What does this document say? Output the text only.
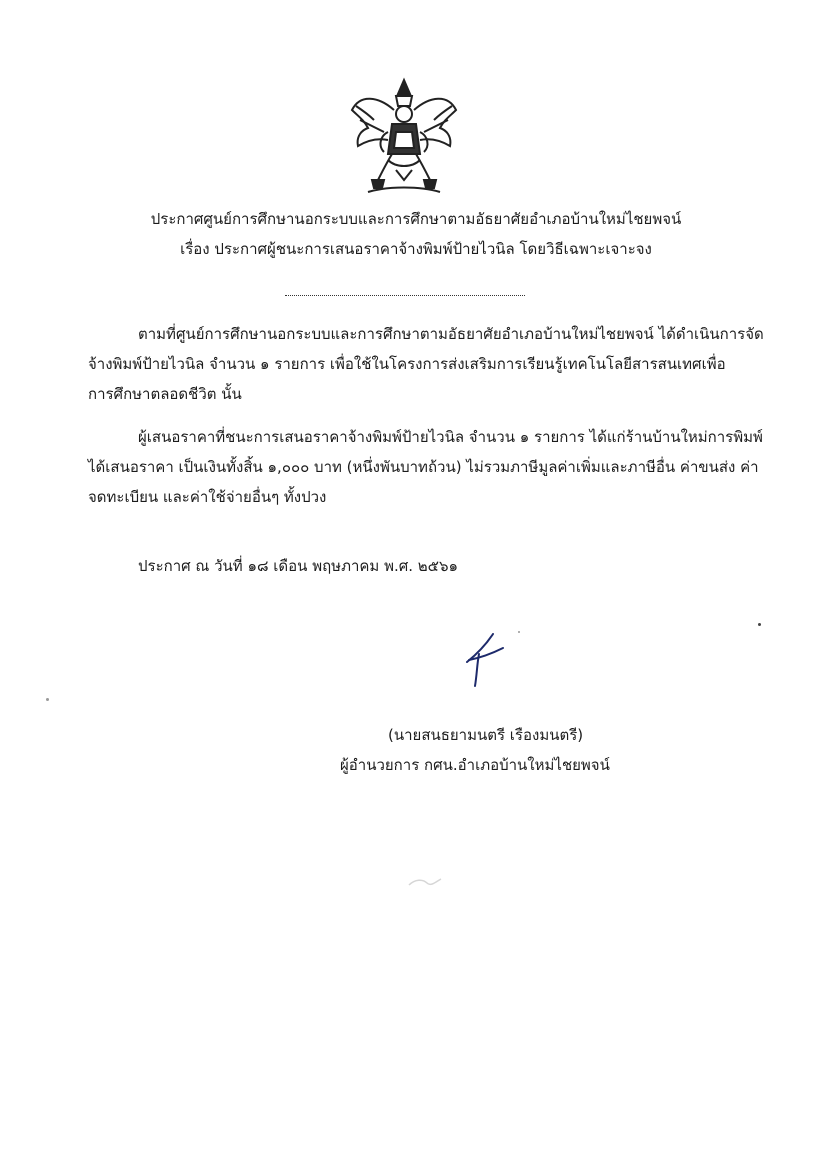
ประกาศศูนย์การศึกษานอกระบบและการศึกษาตามอัธยาศัยอำเภอบ้านใหม่ไชยพจน์
เรื่อง ประกาศผู้ชนะการเสนอราคาจ้างพิมพ์ป้ายไวนิล โดยวิธีเฉพาะเจาะจง
ตามที่ศูนย์การศึกษานอกระบบและการศึกษาตามอัธยาศัยอำเภอบ้านใหม่ไชยพจน์ ได้ดำเนินการจัด
จ้างพิมพ์ป้ายไวนิล จำนวน ๑ รายการ เพื่อใช้ในโครงการส่งเสริมการเรียนรู้เทคโนโลยีสารสนเทศเพื่อ
การศึกษาตลอดชีวิต นั้น
ผู้เสนอราคาที่ชนะการเสนอราคาจ้างพิมพ์ป้ายไวนิล จำนวน ๑ รายการ ได้แก่ร้านบ้านใหม่การพิมพ์
ได้เสนอราคา เป็นเงินทั้งสิ้น ๑,๐๐๐ บาท (หนึ่งพันบาทถ้วน) ไม่รวมภาษีมูลค่าเพิ่มและภาษีอื่น ค่าขนส่ง ค่า
จดทะเบียน และค่าใช้จ่ายอื่นๆ ทั้งปวง
ประกาศ ณ วันที่ ๑๘ เดือน พฤษภาคม พ.ศ. ๒๕๖๑
(นายสนธยามนตรี เรืองมนตรี)
ผู้อำนวยการ กศน.อำเภอบ้านใหม่ไชยพจน์
